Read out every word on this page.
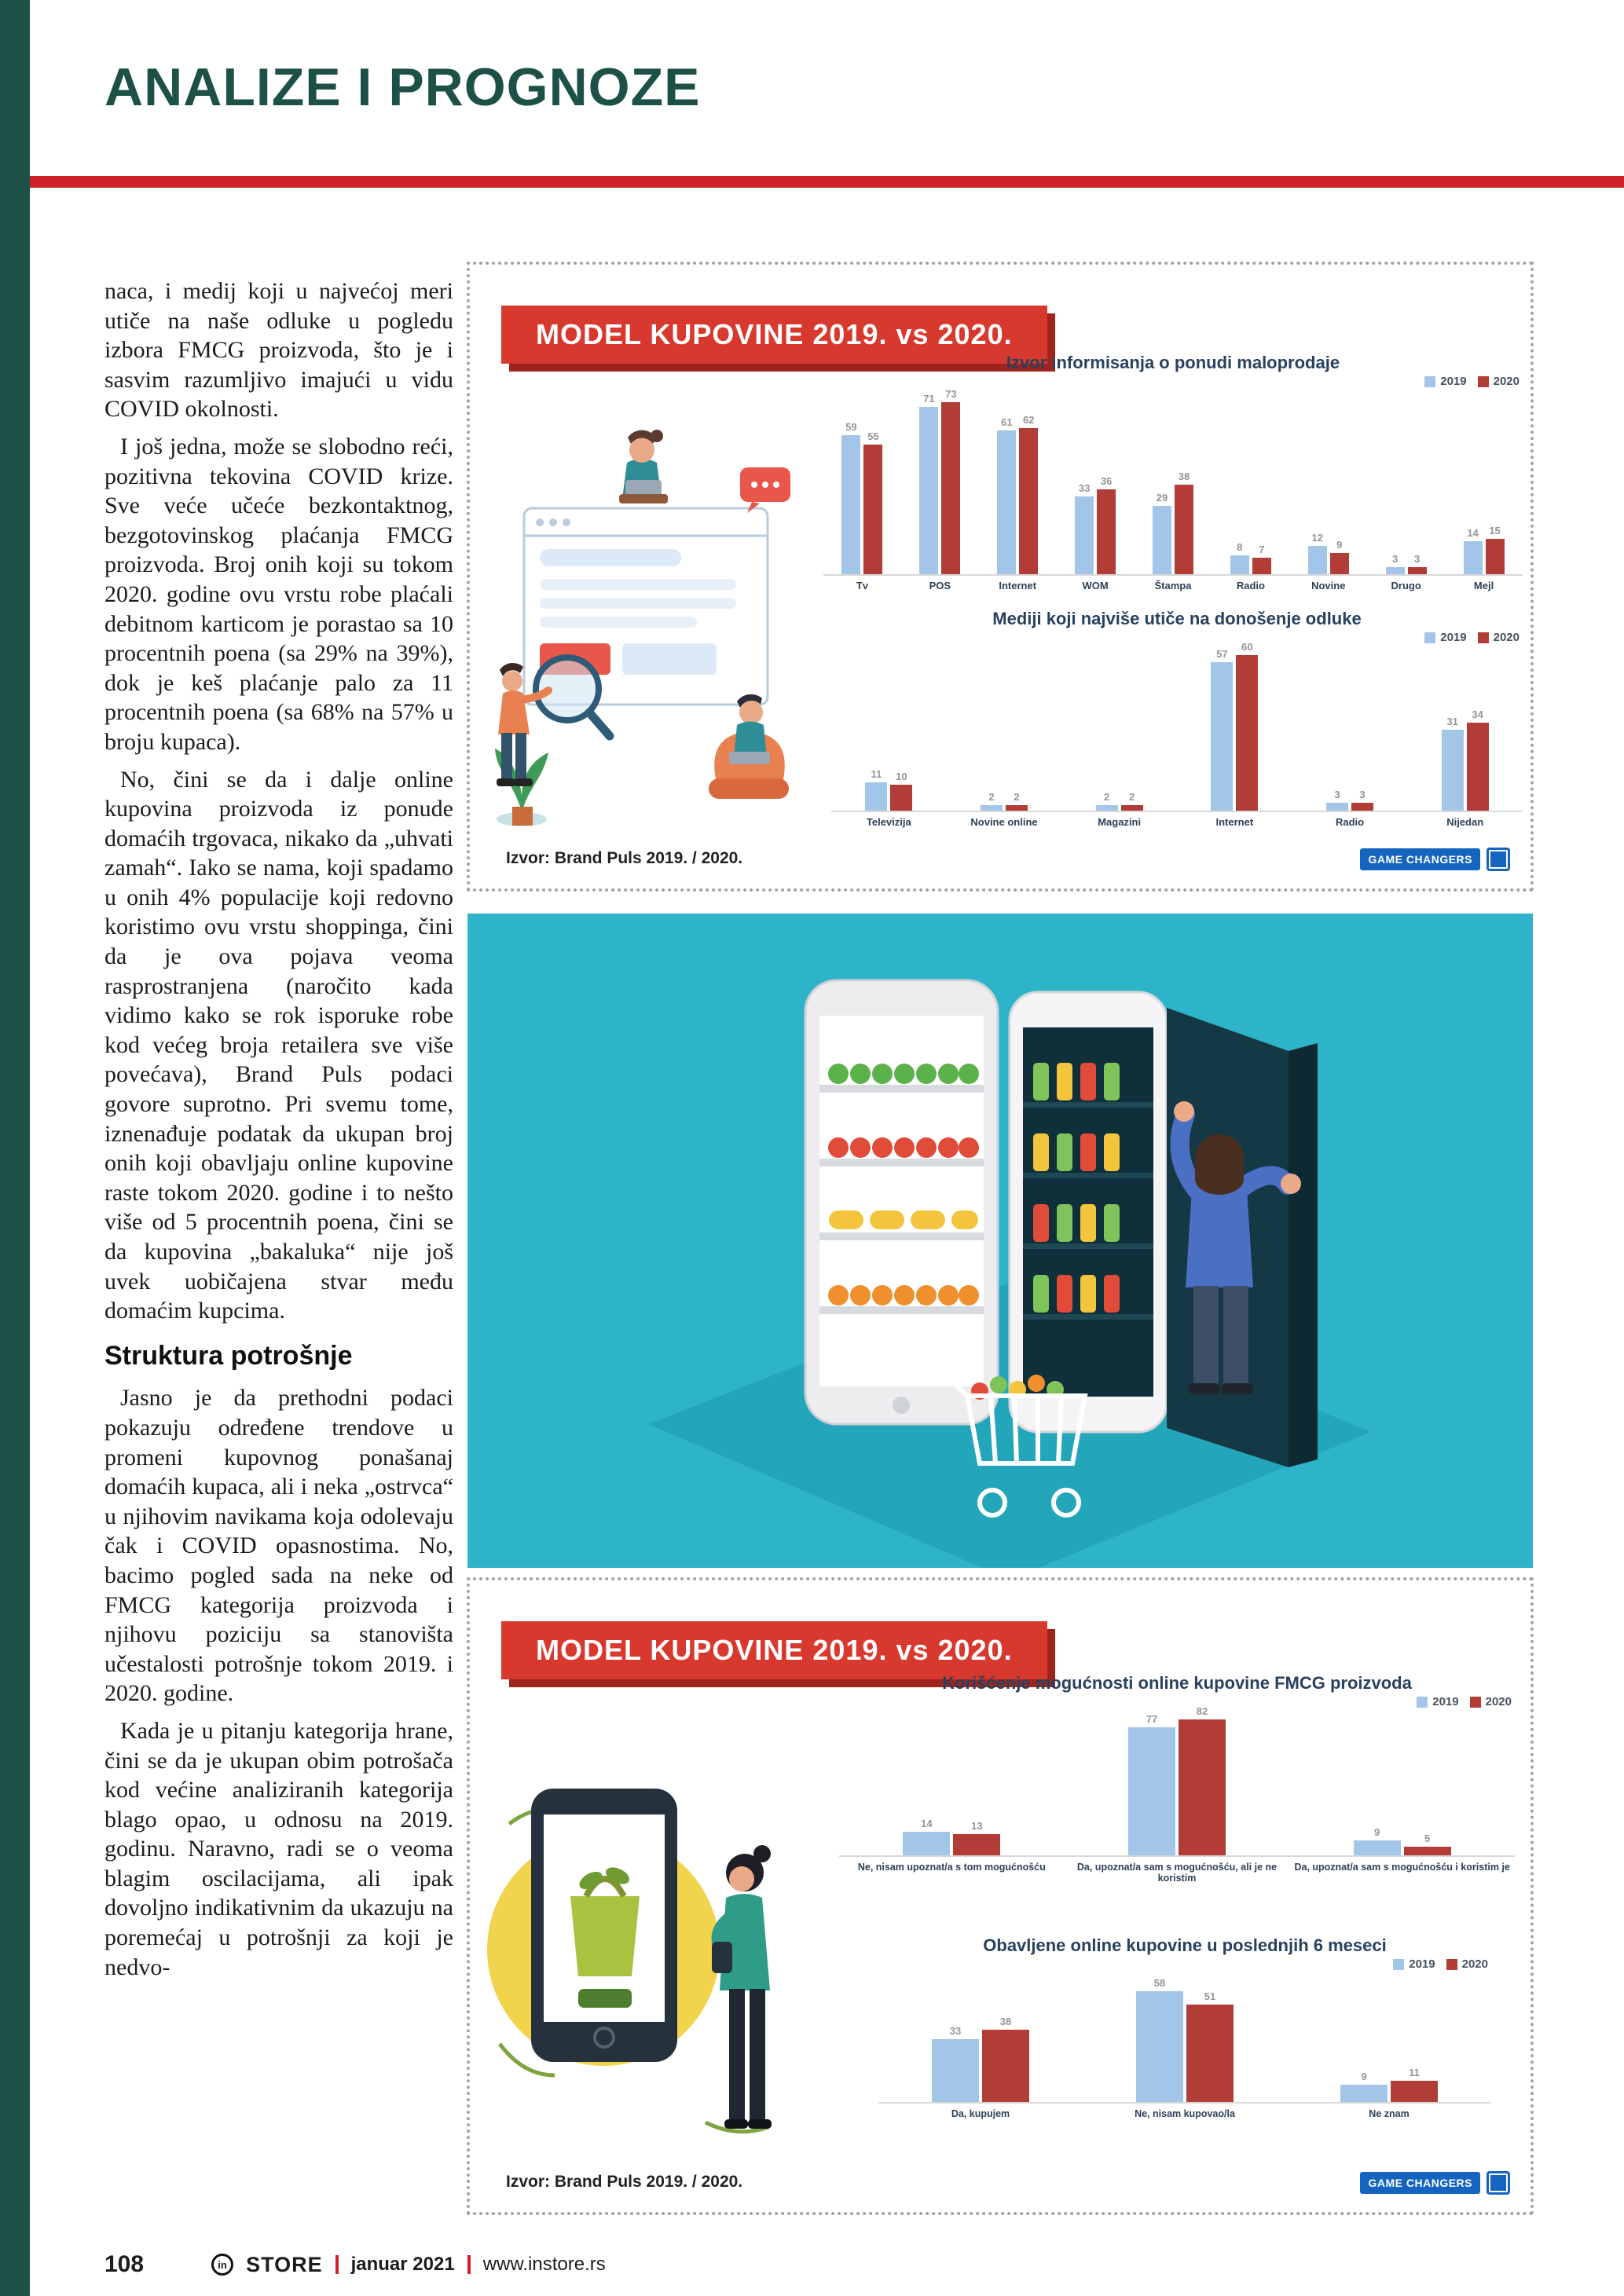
ANALIZE I PROGNOZE

naca, i medij koji u najvećoj meri utiče na naše odluke u pogledu izbora FMCG proizvoda, što je i sasvim razumljivo imajući u vidu COVID okolnosti.

I još jedna, može se slobodno reći, pozitivna tekovina COVID krize. Sve veće učeće bezkontaktnog, bezgotovinskog plaćanja FMCG proizvoda. Broj onih koji su tokom 2020. godine ovu vrstu robe plaćali debitnom karticom je porastao sa 10 procentnih poena (sa 29% na 39%), dok je keš plaćanje palo za 11 procentnih poena (sa 68% na 57% u broju kupaca).

No, čini se da i dalje online kupovina proizvoda iz ponude domaćih trgovaca, nikako da „uhvati zamah“. Iako se nama, koji spadamo u onih 4% populacije koji redovno koristimo ovu vrstu shoppinga, čini da je ova pojava veoma rasprostranjena (naročito kada vidimo kako se rok isporuke robe kod većeg broja retailera sve više povećava), Brand Puls podaci govore suprotno. Pri svemu tome, iznenađuje podatak da ukupan broj onih koji obavljaju online kupovine raste tokom 2020. godine i to nešto više od 5 procentnih poena, čini se da kupovina „bakaluka“ nije još uvek uobičajena stvar među domaćim kupcima.

Struktura potrošnje

Jasno je da prethodni podaci pokazuju određene trendove u promeni kupovnog ponašanaj domaćih kupaca, ali i neka „ostrvca“ u njihovim navikama koja odolevaju čak i COVID opasnostima. No, bacimo pogled sada na neke od FMCG kategorija proizvoda i njihovu poziciju sa stanovišta učestalosti potrošnje tokom 2019. i 2020. godine.

Kada je u pitanju kategorija hrane, čini se da je ukupan obim potrošača kod većine analiziranih kategorija blago opao, u odnosu na 2019. godinu. Naravno, radi se o veoma blagim oscilacijama, ali ipak dovoljno indikativnim da ukazuju na poremećaj u potrošnji za koji je nedvo-

MODEL KUPOVINE 2019. vs 2020.
Izvor informisanja o ponudi maloprodaje
2019 2020
59
55
Tv
71 73
POS
61 62
Internet
33
36
WOM
29
38
Štampa
8 7
Radio
12
9
Novine
3 3
Drugo
14 15
Mejl
Mediji koji najviše utiče na donošenje odluke
2019 2020
11 10
Televizija
2 2
Novine online
2 2
Magazini
57
60
Internet
3 3
Radio
31
34
Nijedan
Izvor: Brand Puls 2019. / 2020.	GAME CHANGERS
MODEL KUPOVINE 2019. vs 2020.
Korišćenje mogućnosti online kupovine FMCG proizvoda
2019 2020
14	13
Ne, nisam upoznat/a s tom mogućnošću
77
82
Da, upoznat/a sam s mogućnošću, ali je ne koristim
9
5
Da, upoznat/a sam s mogućnošću i koristim je
Obavljene online kupovine u poslednjih 6 meseci
2019 2020
33
38
Da, kupujem
58
51
Ne, nisam kupovao/la
9	11
Ne znam
Izvor: Brand Puls 2019. / 2020.	GAME CHANGERS
108	in STORE januar 2021 www.instore.rs
